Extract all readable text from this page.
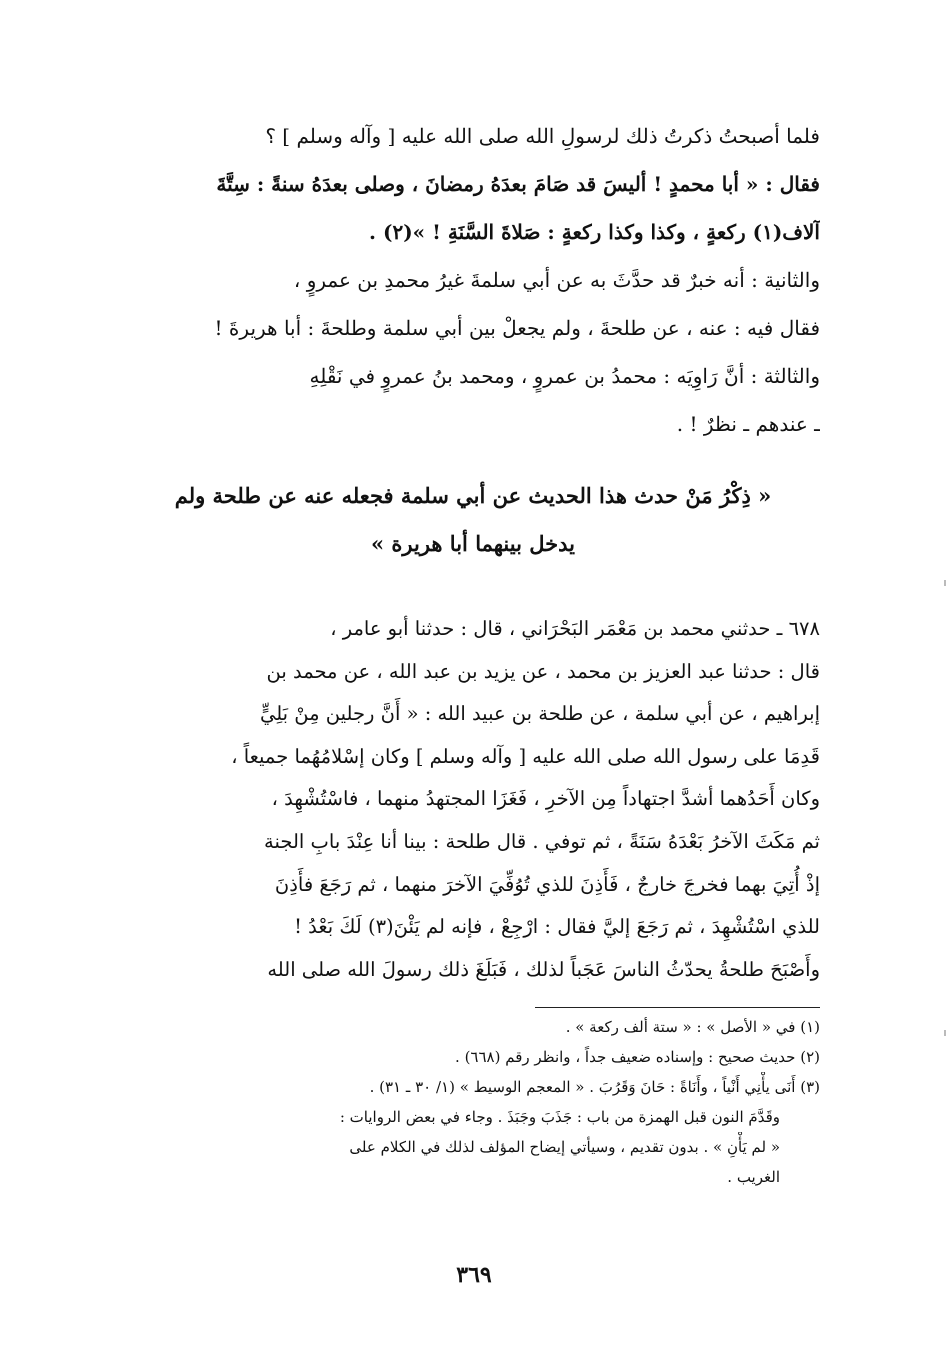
فلما أصبحتُ ذكرتُ ذلك لرسولِ الله صلى الله عليه [ وآله وسلم ] ؟
فقال : « أبا محمدٍ ! أليسَ قد صَامَ بعدَهُ رمضانَ ، وصلى بعدَهُ سنةً : سِتَّةَ
آلاف(١) ركعةٍ ، وكذا وكذا ركعةٍ : صَلاةَ السَّنَةِ ! »(٢) .
والثانية : أنه خبرٌ قد حدَّثَ به عن أبي سلمةَ غيرُ محمدِ بن عمروٍ ،
فقال فيه : عنه ، عن طلحةَ ، ولم يجعلْ بين أبي سلمة وطلحةَ : أبا هريرةَ !
والثالثة : أنَّ رَاوِيَه : محمدُ بن عمروٍ ، ومحمد بنُ عمروٍ في نَقْلِهِ
ـ عندهم ـ نظرٌ ! .
« ذِكْرُ مَنْ حدث هذا الحديث عن أبي سلمة فجعله عنه عن طلحة ولم
يدخل بينهما أبا هريرة »
٦٧٨ ـ حدثني محمد بن مَعْمَر البَحْرَاني ، قال : حدثنا أبو عامر ،
قال : حدثنا عبد العزيز بن محمد ، عن يزيد بن عبد الله ، عن محمد بن
إبراهيم ، عن أبي سلمة ، عن طلحة بن عبيد الله : « أَنَّ رجلين مِنْ بَلِيٍّ
قَدِمَا على رسول الله صلى الله عليه [ وآله وسلم ] وكان إسْلامُهُما جميعاً ،
وكان أَحَدُهما أشدَّ اجتهاداً مِن الآخرِ ، فَغَزَا المجتهدُ منهما ، فاسْتُشْهِدَ ،
ثم مَكَثَ الآخرُ بَعْدَهُ سَنَةً ، ثم توفي . قال طلحة : بينا أنا عِنْدَ بابِ الجنة
إذْ أُتِيَ بهما فخرجَ خارجٌ ، فَأَذِنَ للذي تُوُفِّيَ الآخرَ منهما ، ثم رَجَعَ فأَذِنَ
للذي اسْتُشْهِدَ ، ثم رَجَعَ إليَّ فقال : ارْجِعْ ، فإنه لم يَئْنَ(٣) لَكَ بَعْدُ !
وأَصْبَحَ طلحةُ يحدّثُ الناسَ عَجَباً لذلك ، فَبَلَغَ ذلك رسولَ الله صلى الله
(١) في « الأصل » : « ستة ألف ركعة » .
(٢) حديث صحيح : وإسناده ضعيف جداً ، وانظر رقم (٦٦٨) .
(٣) أَنَى يأْنِي أَنْياً ، وأَنَاةً : حَانَ وَقَرُبَ . « المعجم الوسيط » (١/ ٣٠ ـ ٣١) .
وقَدَّمَ النون قبل الهمزة من باب : جَذَبَ وجَبَذَ . وجاء في بعض الروايات :
« لم يَأْنِ » . بدون تقديم ، وسيأتي إيضاح المؤلف لذلك في الكلام على
الغريب .
٣٦٩
